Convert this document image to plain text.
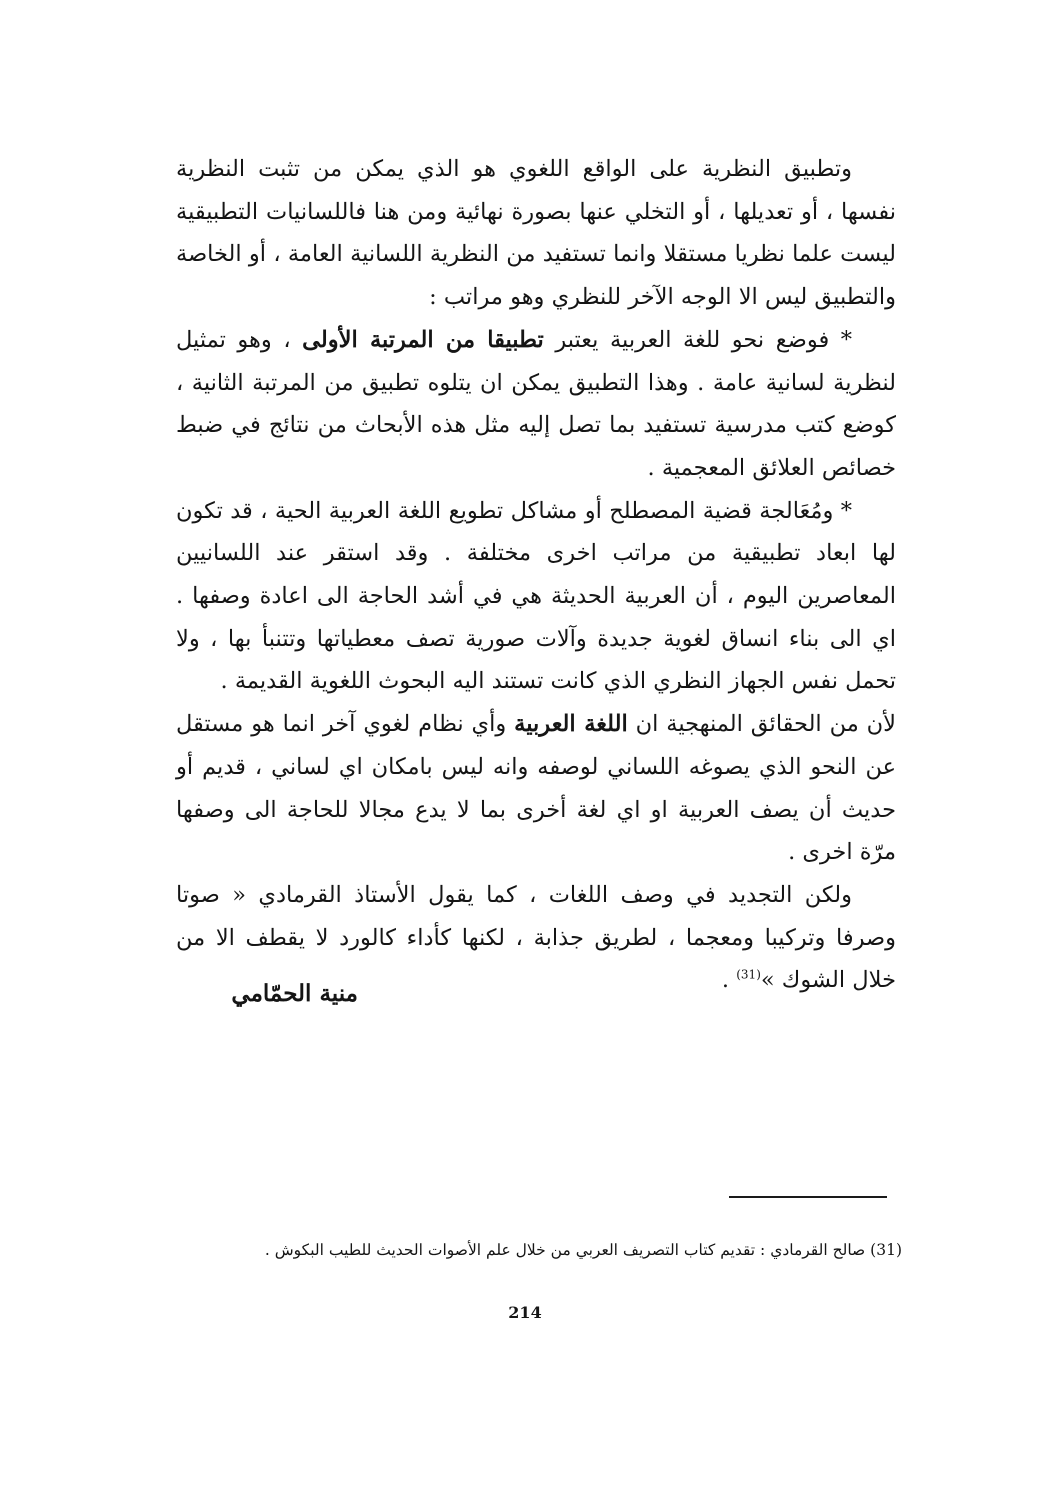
وتطبيق النظرية على الواقع اللغوي هو الذي يمكن من تثبت النظرية نفسها ، أو تعديلها ، أو التخلي عنها بصورة نهائية ومن هنا فاللسانيات التطبيقية ليست علما نظريا مستقلا وانما تستفيد من النظرية اللسانية العامة ، أو الخاصة والتطبيق ليس الا الوجه الآخر للنظري وهو مراتب :

* فوضع نحو للغة العربية يعتبر تطبيقا من المرتبة الأولى ، وهو تمثيل لنظرية لسانية عامة . وهذا التطبيق يمكن ان يتلوه تطبيق من المرتبة الثانية ، كوضع كتب مدرسية تستفيد بما تصل إليه مثل هذه الأبحاث من نتائج في ضبط خصائص العلائق المعجمية .

* ومُعَالجة قضية المصطلح أو مشاكل تطويع اللغة العربية الحية ، قد تكون لها ابعاد تطبيقية من مراتب اخرى مختلفة . وقد استقر عند اللسانيين المعاصرين اليوم ، أن العربية الحديثة هي في أشد الحاجة الى اعادة وصفها . اي الى بناء انساق لغوية جديدة وآلات صورية تصف معطياتها وتتنبأ بها ، ولا تحمل نفس الجهاز النظري الذي كانت تستند اليه البحوث اللغوية القديمة .

لأن من الحقائق المنهجية ان اللغة العربية وأي نظام لغوي آخر انما هو مستقل عن النحو الذي يصوغه اللساني لوصفه وانه ليس بامكان اي لساني ، قديم أو حديث أن يصف العربية او اي لغة أخرى بما لا يدع مجالا للحاجة الى وصفها مرّة اخرى .

ولكن التجديد في وصف اللغات ، كما يقول الأستاذ القرمادي « صوتا وصرفا وتركيبا ومعجما ، لطريق جذابة ، لكنها كأداء كالورد لا يقطف الا من خلال الشوك »$^{(31)}$ .

منية الحمّامي
(31) صالح القرمادي : تقديم كتاب التصريف العربي من خلال علم الأصوات الحديث للطيب البكوش .
214
